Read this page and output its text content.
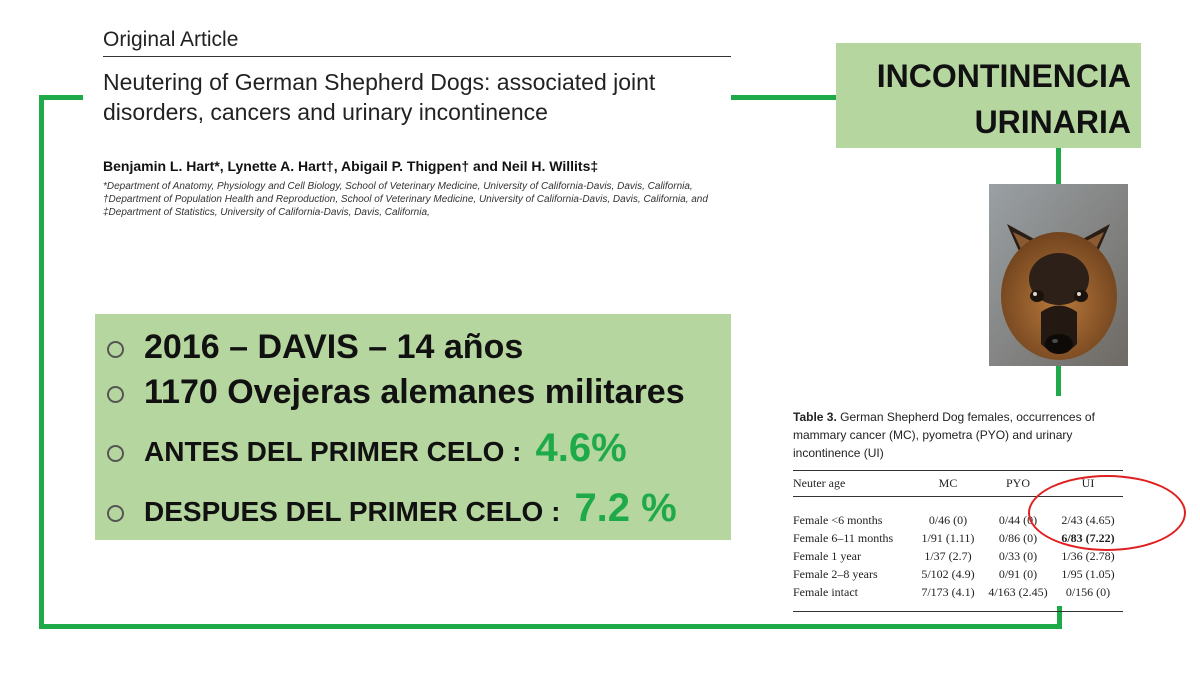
Original Article
Neutering of German Shepherd Dogs: associated joint
disorders, cancers and urinary incontinence
Benjamin L. Hart*, Lynette A. Hart†, Abigail P. Thigpen† and Neil H. Willits‡
*Department of Anatomy, Physiology and Cell Biology, School of Veterinary Medicine, University of California-Davis, Davis, California, †Department of Population Health and Reproduction, School of Veterinary Medicine, University of California-Davis, Davis, California, and ‡Department of Statistics, University of California-Davis, Davis, California,
2016 – DAVIS – 14 años
1170 Ovejeras alemanes militares
ANTES DEL PRIMER CELO : 4.6%
DESPUES DEL PRIMER CELO : 7.2 %
INCONTINENCIA
URINARIA
Table 3. German Shepherd Dog females, occurrences of mammary cancer (MC), pyometra (PYO) and urinary incontinence (UI)
Neuter age	MC	PYO	UI
Female <6 months	0/46 (0)	0/44 (0)	2/43 (4.65)
Female 6–11 months	1/91 (1.11)	0/86 (0)	6/83 (7.22)
Female 1 year	1/37 (2.7)	0/33 (0)	1/36 (2.78)
Female 2–8 years	5/102 (4.9)	0/91 (0)	1/95 (1.05)
Female intact	7/173 (4.1)	4/163 (2.45)	0/156 (0)
